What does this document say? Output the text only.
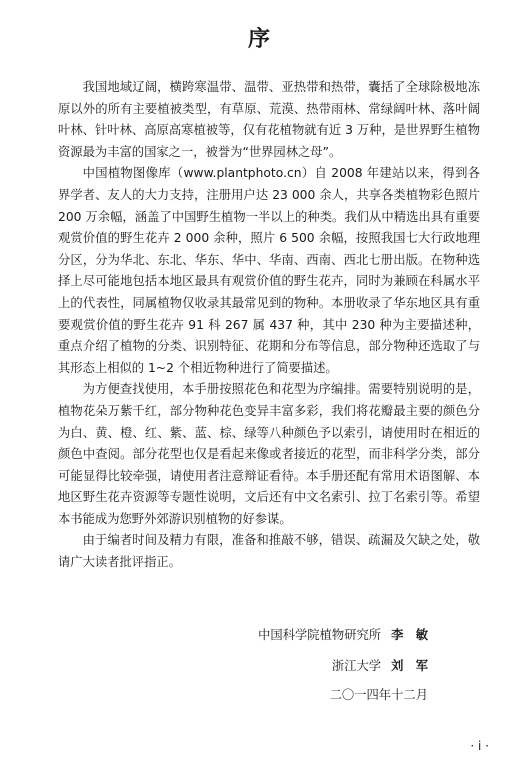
序

我国地域辽阔，横跨寒温带、温带、亚热带和热带，囊括了全球除极地冻原以外的所有主要植被类型，有草原、荒漠、热带雨林、常绿阔叶林、落叶阔叶林、针叶林、高原高寒植被等，仅有花植物就有近 3 万种，是世界野生植物资源最为丰富的国家之一，被誉为“世界园林之母”。

中国植物图像库（www.plantphoto.cn）自 2008 年建站以来，得到各界学者、友人的大力支持，注册用户达 23 000 余人，共享各类植物彩色照片 200 万余幅，涵盖了中国野生植物一半以上的种类。我们从中精选出具有重要观赏价值的野生花卉 2 000 余种，照片 6 500 余幅，按照我国七大行政地理分区，分为华北、东北、华东、华中、华南、西南、西北七册出版。在物种选择上尽可能地包括本地区最具有观赏价值的野生花卉，同时为兼顾在科属水平上的代表性，同属植物仅收录其最常见到的物种。本册收录了华东地区具有重要观赏价值的野生花卉 91 科 267 属 437 种，其中 230 种为主要描述种，重点介绍了植物的分类、识别特征、花期和分布等信息，部分物种还选取了与其形态上相似的 1~2 个相近物种进行了简要描述。

为方便查找使用，本手册按照花色和花型为序编排。需要特别说明的是，植物花朵万紫千红，部分物种花色变异丰富多彩，我们将花瓣最主要的颜色分为白、黄、橙、红、紫、蓝、棕、绿等八种颜色予以索引，请使用时在相近的颜色中查阅。部分花型也仅是看起来像或者接近的花型，而非科学分类，部分可能显得比较牵强，请使用者注意辩证看待。本手册还配有常用术语图解、本地区野生花卉资源等专题性说明，文后还有中文名索引、拉丁名索引等。希望本书能成为您野外郊游识别植物的好参谋。

由于编者时间及精力有限，准备和推敲不够，错误、疏漏及欠缺之处，敬请广大读者批评指正。

中国科学院植物研究所 李　敏
浙江大学 刘　军
二〇一四年十二月
· i ·
